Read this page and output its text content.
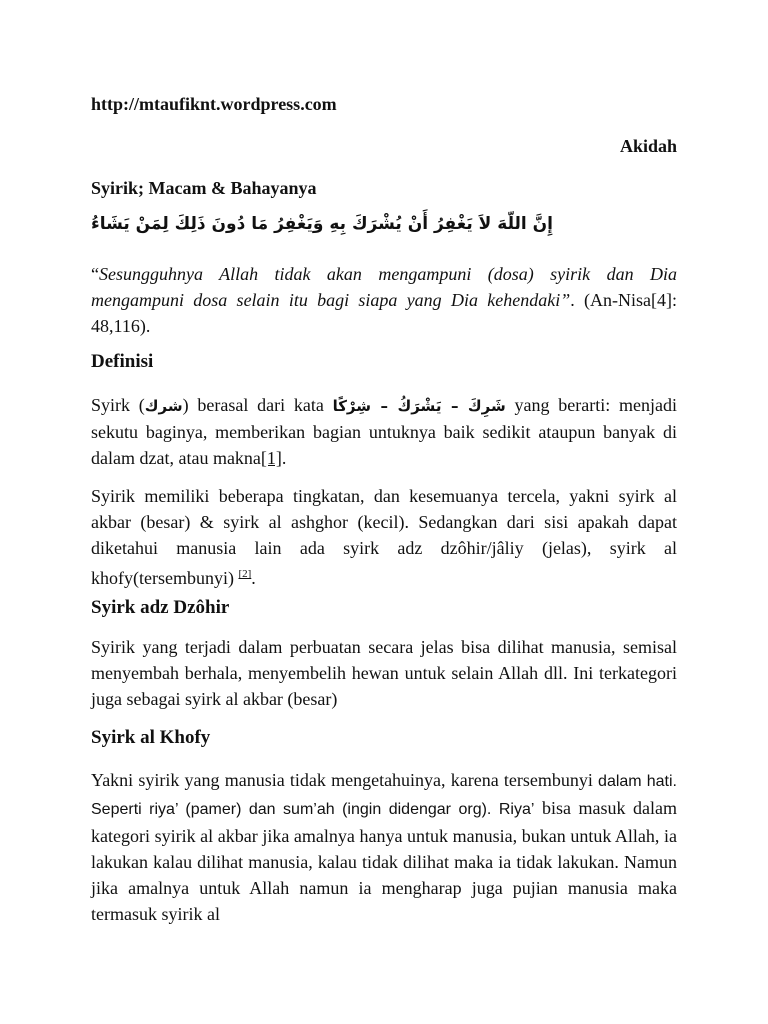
http://mtaufiknt.wordpress.com
Akidah
Syirik; Macam & Bahayanya
إِنَّ اللّهَ لاَ يَغْفِرُ أَنْ يُشْرَكَ بِهِ وَيَغْفِرُ مَا دُونَ ذَلِكَ لِمَنْ يَشَاءُ
“Sesungguhnya Allah tidak akan mengampuni (dosa) syirik dan Dia mengampuni dosa selain itu bagi siapa yang Dia kehendaki”. (An-Nisa[4]: 48,116).
Definisi
Syirk (شرك) berasal dari kata شَرِكَ – يَشْرَكُ – شِرْكًا yang berarti: menjadi sekutu baginya, memberikan bagian untuknya baik sedikit ataupun banyak di dalam dzat, atau makna[1].
Syirik memiliki beberapa tingkatan, dan kesemuanya tercela, yakni syirk al akbar (besar) & syirk al ashghor (kecil). Sedangkan dari sisi apakah dapat diketahui manusia lain ada syirk adz dzôhir/jâliy (jelas), syirk al khofy(tersembunyi) [2].
Syirk adz Dzôhir
Syirik yang terjadi dalam perbuatan secara jelas bisa dilihat manusia, semisal menyembah berhala, menyembelih hewan untuk selain Allah dll. Ini terkategori juga sebagai syirk al akbar (besar)
Syirk al Khofy
Yakni syirik yang manusia tidak mengetahuinya, karena tersembunyi dalam hati. Seperti riya’ (pamer) dan sum’ah (ingin didengar org). Riya’ bisa masuk dalam kategori syirik al akbar jika amalnya hanya untuk manusia, bukan untuk Allah, ia lakukan kalau dilihat manusia, kalau tidak dilihat maka ia tidak lakukan. Namun jika amalnya untuk Allah namun ia mengharap juga pujian manusia maka termasuk syirik al
